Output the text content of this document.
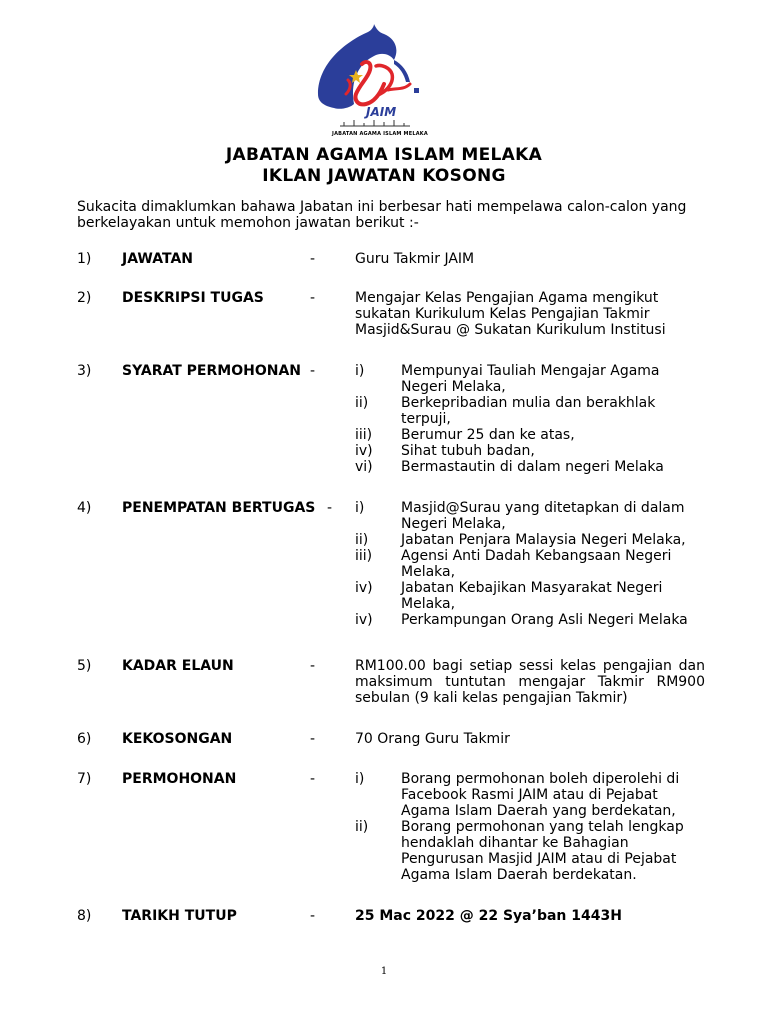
JAIM
JABATAN AGAMA ISLAM MELAKA
JABATAN AGAMA ISLAM MELAKA
IKLAN JAWATAN KOSONG
Sukacita dimaklumkan bahawa Jabatan ini berbesar hati mempelawa calon-calon yang berkelayakan untuk memohon jawatan berikut :-
1) JAWATAN	-	Guru Takmir JAIM
2) DESKRIPSI TUGAS	-	Mengajar Kelas Pengajian Agama mengikut sukatan Kurikulum Kelas Pengajian Takmir Masjid&Surau @ Sukatan Kurikulum Institusi
3) SYARAT PERMOHONAN -	i)	Mempunyai Tauliah Mengajar Agama Negeri Melaka,
ii) Berkepribadian mulia dan berakhlak terpuji,
iii) Berumur 25 dan ke atas,
iv) Sihat tubuh badan,
vi) Bermastautin di dalam negeri Melaka
4) PENEMPATAN BERTUGAS - i)	Masjid@Surau yang ditetapkan di dalam Negeri Melaka,
ii) Jabatan Penjara Malaysia Negeri Melaka,
iii) Agensi Anti Dadah Kebangsaan Negeri Melaka,
iv) Jabatan Kebajikan Masyarakat Negeri Melaka,
iv) Perkampungan Orang Asli Negeri Melaka
5) KADAR ELAUN	-	RM100.00 bagi setiap sessi kelas pengajian dan maksimum tuntutan mengajar Takmir RM900 sebulan (9 kali kelas pengajian Takmir)
6) KEKOSONGAN	-	70 Orang Guru Takmir
7) PERMOHONAN	-	i)	Borang permohonan boleh diperolehi di Facebook Rasmi JAIM atau di Pejabat Agama Islam Daerah yang berdekatan,
ii) Borang permohonan yang telah lengkap hendaklah dihantar ke Bahagian Pengurusan Masjid JAIM atau di Pejabat Agama Islam Daerah berdekatan.
8) TARIKH TUTUP	-	25 Mac 2022 @ 22 Sya’ban 1443H
1
